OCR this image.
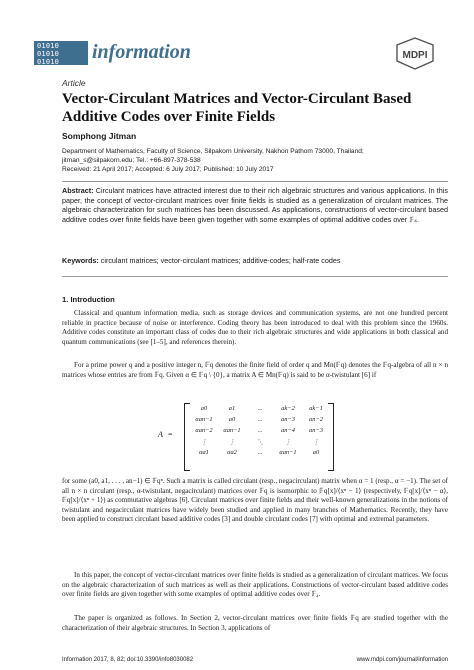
01010
01010
01010	information	MDPI
Article
Vector-Circulant Matrices and Vector-Circulant Based Additive Codes over Finite Fields
Somphong Jitman
Department of Mathematics, Faculty of Science, Silpakorn University, Nakhon Pathom 73000, Thailand;
jitman_s@silpakorn.edu; Tel.: +66-897-378-538
Received: 21 April 2017; Accepted: 6 July 2017; Published: 10 July 2017
Abstract: Circulant matrices have attracted interest due to their rich algebraic structures and various applications. In this paper, the concept of vector-circulant matrices over finite fields is studied as a generalization of circulant matrices. The algebraic characterization for such matrices has been discussed. As applications, constructions of vector-circulant based additive codes over finite fields have been given together with some examples of optimal additive codes over 𝔽₄.
Keywords: circulant matrices; vector-circulant matrices; additive-codes; half-rate codes
1. Introduction
Classical and quantum information media, such as storage devices and communication systems, are not one hundred percent reliable in practice because of noise or interference. Coding theory has been introduced to deal with this problem since the 1960s. Additive codes constitute an important class of codes due to their rich algebraic structures and wide applications in both classical and quantum communications (see [1–5], and references therein).
For a prime power q and a positive integer n, 𝔽q denotes the finite field of order q and Mn(𝔽q) denotes the 𝔽q-algebra of all n × n matrices whose entries are from 𝔽q. Given α ∈ 𝔽q \ {0}, a matrix A ∈ Mn(𝔽q) is said to be α-twistulant [6] if
A =
a0	a1	...	ak−2	ak−1
αan−1	a0	...	an−3	an−2
αan−2	αan−1	...	an−4	an−3
⋮	⋮	⋱	⋮	⋮
αa1	αa2	...	αan−1	a0
for some (a0, a1, . . . , an−1) ∈ 𝔽qⁿ. Such a matrix is called circulant (resp., negacirculant) matrix when α = 1 (resp., α = −1). The set of all n × n circulant (resp., α-twistulant, negacirculant) matrices over 𝔽q is isomorphic to 𝔽q[x]/⟨xⁿ − 1⟩ (respectively, 𝔽q[x]/⟨xⁿ − α⟩, 𝔽q[x]/⟨xⁿ + 1⟩) as commutative algebras [6]. Circulant matrices over finite fields and their well-known generalizations in the notions of twistulant and negacirculant matrices have widely been studied and applied in many branches of Mathematics. Recently, they have been applied to construct circulant based additive codes [3] and double circulant codes [7] with optimal and extremal parameters.
In this paper, the concept of vector-circulant matrices over finite fields is studied as a generalization of circulant matrices. We focus on the algebraic characterization of such matrices as well as their applications. Constructions of vector-circulant based additive codes over finite fields are given together with some examples of optimal additive codes over 𝔽₄.
The paper is organized as follows. In Section 2, vector-circulant matrices over finite fields 𝔽q are studied together with the characterization of their algebraic structures. In Section 3, applications of
Information 2017, 8, 82; doi:10.3390/info8030082	www.mdpi.com/journal/information
